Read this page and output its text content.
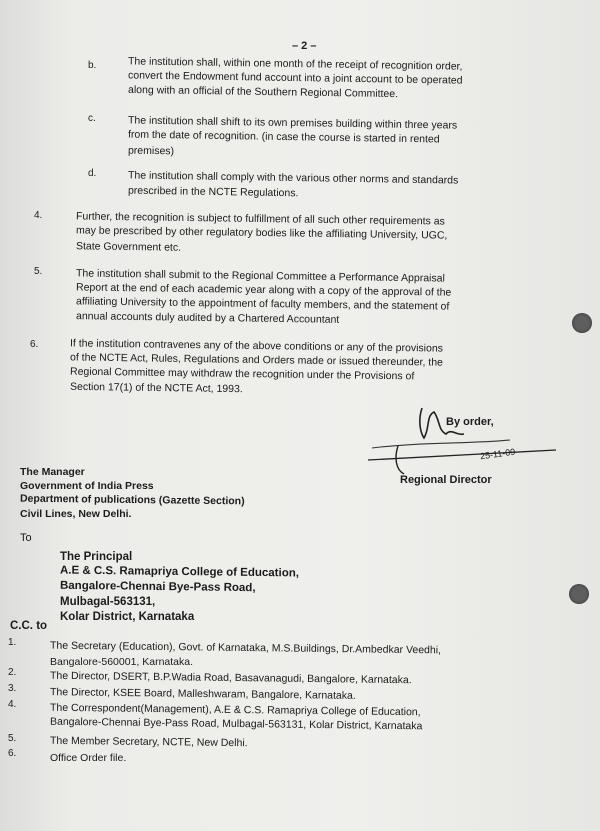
– 2 –
b.	The institution shall, within one month of the receipt of recognition order,
convert the Endowment fund account into a joint account to be operated
along with an official of the Southern Regional Committee.
c.	The institution shall shift to its own premises building within three years
from the date of recognition. (in case the course is started in rented
premises)
d.	The institution shall comply with the various other norms and standards
prescribed in the NCTE Regulations.
4.	Further, the recognition is subject to fulfillment of all such other requirements as
may be prescribed by other regulatory bodies like the affiliating University, UGC,
State Government etc.
5.	The institution shall submit to the Regional Committee a Performance Appraisal
Report at the end of each academic year along with a copy of the approval of the
affiliating University to the appointment of faculty members, and the statement of
annual accounts duly audited by a Chartered Accountant
6.	If the institution contravenes any of the above conditions or any of the provisions
of the NCTE Act, Rules, Regulations and Orders made or issued thereunder, the
Regional Committee may withdraw the recognition under the Provisions of
Section 17(1) of the NCTE Act, 1993.
By order,
25-11-09
Regional Director
The Manager
Government of India Press
Department of publications (Gazette Section)
Civil Lines, New Delhi.
To
The Principal
A.E & C.S. Ramapriya College of Education,
Bangalore-Chennai Bye-Pass Road,
Mulbagal-563131,
Kolar District, Karnataka
C.C. to
1.	The Secretary (Education), Govt. of Karnataka, M.S.Buildings, Dr.Ambedkar Veedhi,
Bangalore-560001, Karnataka.
2.	The Director, DSERT, B.P.Wadia Road, Basavanagudi, Bangalore, Karnataka.
3.	The Director, KSEE Board, Malleshwaram, Bangalore, Karnataka.
4.	The Correspondent(Management), A.E & C.S. Ramapriya College of Education,
Bangalore-Chennai Bye-Pass Road, Mulbagal-563131, Kolar District, Karnataka
5.	The Member Secretary, NCTE, New Delhi.
6.	Office Order file.
